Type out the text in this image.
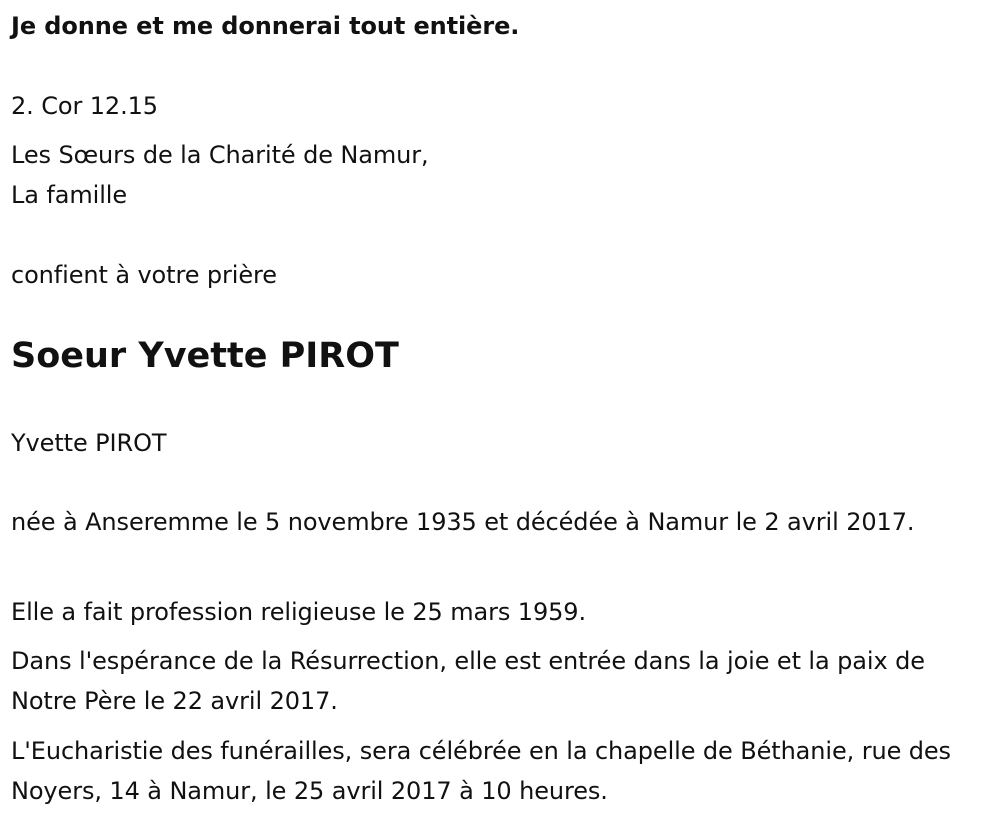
Je donne et me donnerai tout entière.
2. Cor 12.15
Les Sœurs de la Charité de Namur,
La famille
confient à votre prière
Soeur Yvette PIROT
Yvette PIROT
née à Anseremme le 5 novembre 1935 et décédée à Namur le 2 avril 2017.
Elle a fait profession religieuse le 25 mars 1959.
Dans l'espérance de la Résurrection, elle est entrée dans la joie et la paix de Notre Père le 22 avril 2017.
L'Eucharistie des funérailles, sera célébrée en la chapelle de Béthanie, rue des Noyers, 14 à Namur, le 25 avril 2017 à 10 heures.
